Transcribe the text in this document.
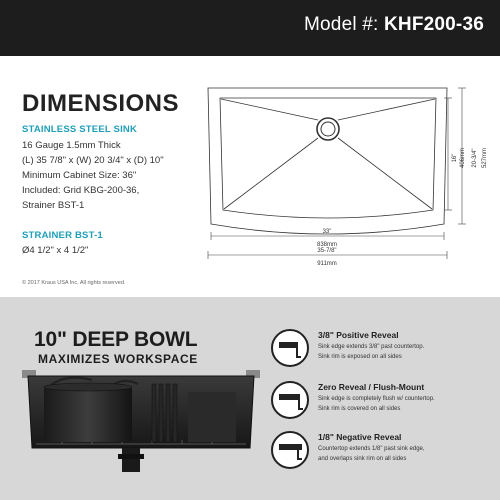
Model #: KHF200-36
DIMENSIONS
STAINLESS STEEL SINK
16 Gauge 1.5mm Thick
(L) 35 7/8" x (W) 20 3/4" x (D) 10"
Minimum Cabinet Size: 36"
Included: Grid KBG-200-36,
Strainer BST-1
STRAINER BST-1
Ø4 1/2" x 4 1/2"
© 2017 Kraus USA Inc. All rights reserved.
33"
838mm
35-7/8"
911mm
16" 406mm 20-3/4" 527mm
10" DEEP BOWL
MAXIMIZES WORKSPACE
3/8" Positive Reveal
Sink edge extends 3/8" past countertop.
Sink rim is exposed on all sides
Zero Reveal / Flush-Mount
Sink edge is completely flush w/ countertop.
Sink rim is covered on all sides
1/8" Negative Reveal
Countertop extends 1/8" past sink edge,
and overlaps sink rim on all sides
